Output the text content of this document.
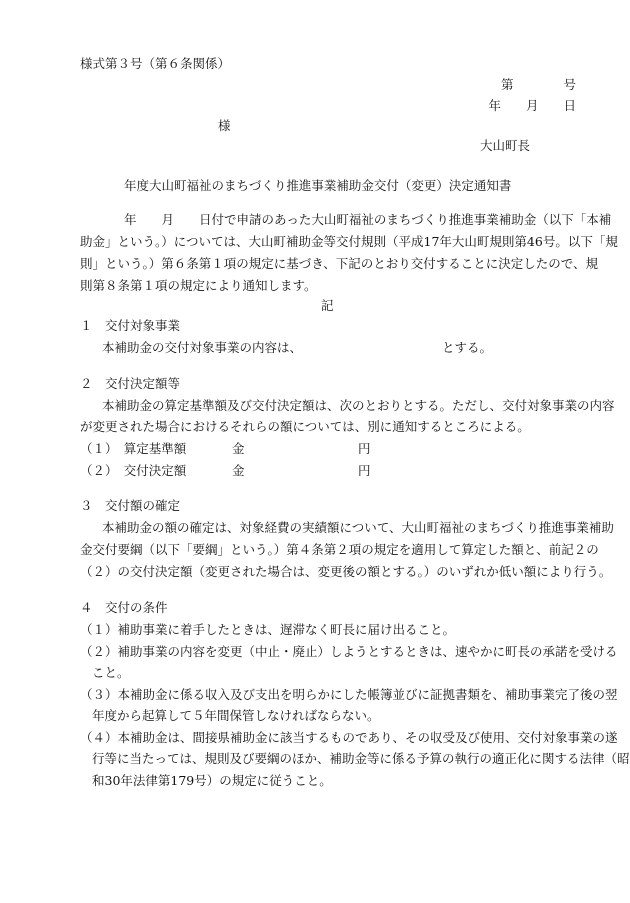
様式第３号（第６条関係）
第　　　　号
年　　月　　日
様
大山町長
年度大山町福祉のまちづくり推進事業補助金交付（変更）決定通知書
年　　月　　日付で申請のあった大山町福祉のまちづくり推進事業補助金（以下「本補
助金」という。）については、大山町補助金等交付規則（平成17年大山町規則第46号。以下「規
則」という。）第６条第１項の規定に基づき、下記のとおり交付することに決定したので、規
則第８条第１項の規定により通知します。
記
１　交付対象事業
本補助金の交付対象事業の内容は、	とする。
２　交付決定額等
本補助金の算定基準額及び交付決定額は、次のとおりとする。ただし、交付対象事業の内容
が変更された場合におけるそれらの額については、別に通知するところによる。
（１）　算定基準額	金	円
（２）　交付決定額	金	円
３　交付額の確定
本補助金の額の確定は、対象経費の実績額について、大山町福祉のまちづくり推進事業補助
金交付要綱（以下「要綱」という。）第４条第２項の規定を適用して算定した額と、前記２の
（２）の交付決定額（変更された場合は、変更後の額とする。）のいずれか低い額により行う。
４　交付の条件
（１）補助事業に着手したときは、遅滞なく町長に届け出ること。
（２）補助事業の内容を変更（中止・廃止）しようとするときは、速やかに町長の承諾を受ける
こと。
（３）本補助金に係る収入及び支出を明らかにした帳簿並びに証拠書類を、補助事業完了後の翌
年度から起算して５年間保管しなければならない。
（４）本補助金は、間接県補助金に該当するものであり、その収受及び使用、交付対象事業の遂
行等に当たっては、規則及び要綱のほか、補助金等に係る予算の執行の適正化に関する法律（昭
和30年法律第179号）の規定に従うこと。
